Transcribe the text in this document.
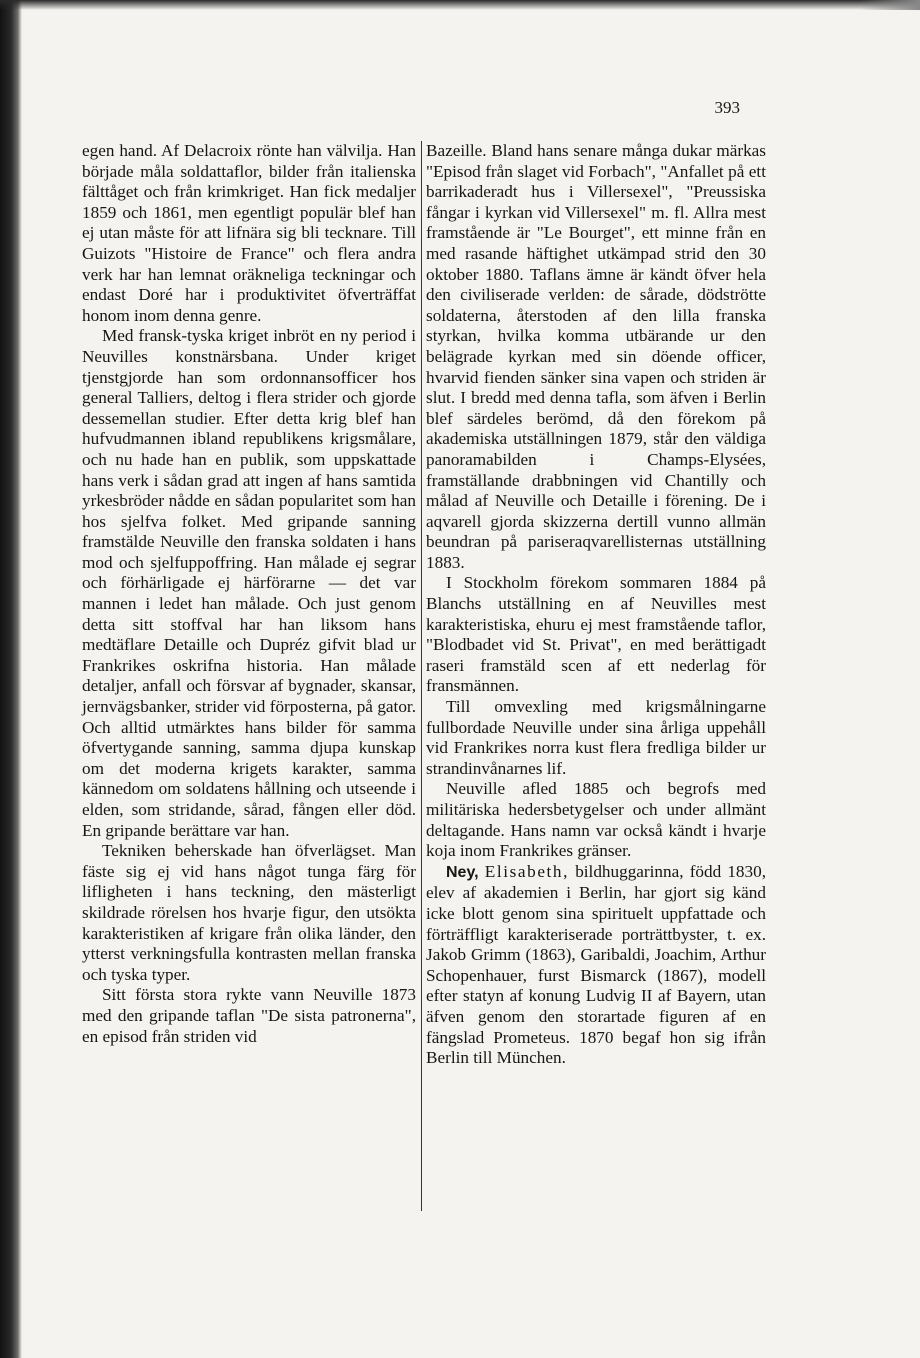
393

egen hand. Af Delacroix rönte han välvilja. Han började måla soldattaflor, bilder från italienska fälttåget och från krimkriget. Han fick medaljer 1859 och 1861, men egentligt populär blef han ej utan måste för att lifnära sig bli tecknare. Till Guizots "Histoire de France" och flera andra verk har han lemnat oräkneliga teckningar och endast Doré har i produktivitet öfverträffat honom inom denna genre.

Med fransk-tyska kriget inbröt en ny period i Neuvilles konstnärsbana. Under kriget tjenstgjorde han som ordonnansofficer hos general Talliers, deltog i flera strider och gjorde dessemellan studier. Efter detta krig blef han hufvudmannen ibland republikens krigsmålare, och nu hade han en publik, som uppskattade hans verk i sådan grad att ingen af hans samtida yrkesbröder nådde en sådan popularitet som han hos sjelfva folket. Med gripande sanning framstälde Neuville den franska soldaten i hans mod och sjelfuppoffring. Han målade ej segrar och förhärligade ej härförarne — det var mannen i ledet han målade. Och just genom detta sitt stoffval har han liksom hans medtäflare Detaille och Dupréz gifvit blad ur Frankrikes oskrifna historia. Han målade detaljer, anfall och försvar af bygnader, skansar, jernvägsbanker, strider vid förposterna, på gator. Och alltid utmärktes hans bilder för samma öfvertygande sanning, samma djupa kunskap om det moderna krigets karakter, samma kännedom om soldatens hållning och utseende i elden, som stridande, sårad, fången eller död. En gripande berättare var han.

Tekniken beherskade han öfverlägset. Man fäste sig ej vid hans något tunga färg för lifligheten i hans teckning, den mästerligt skildrade rörelsen hos hvarje figur, den utsökta karakteristiken af krigare från olika länder, den ytterst verkningsfulla kontrasten mellan franska och tyska typer.

Sitt första stora rykte vann Neuville 1873 med den gripande taflan "De sista patronerna", en episod från striden vid

Bazeille. Bland hans senare många dukar märkas "Episod från slaget vid Forbach", "Anfallet på ett barrikaderadt hus i Villersexel", "Preussiska fångar i kyrkan vid Villersexel" m. fl. Allra mest framstående är "Le Bourget", ett minne från en med rasande häftighet utkämpad strid den 30 oktober 1880. Taflans ämne är kändt öfver hela den civiliserade verlden: de sårade, dödströtte soldaterna, återstoden af den lilla franska styrkan, hvilka komma utbärande ur den belägrade kyrkan med sin döende officer, hvarvid fienden sänker sina vapen och striden är slut. I bredd med denna tafla, som äfven i Berlin blef särdeles berömd, då den förekom på akademiska utställningen 1879, står den väldiga panoramabilden i Champs-Elysées, framställande drabbningen vid Chantilly och målad af Neuville och Detaille i förening. De i aqvarell gjorda skizzerna dertill vunno allmän beundran på pariseraqvarellisternas utställning 1883.

I Stockholm förekom sommaren 1884 på Blanchs utställning en af Neuvilles mest karakteristiska, ehuru ej mest framstående taflor, "Blodbadet vid St. Privat", en med berättigadt raseri framstäld scen af ett nederlag för fransmännen.

Till omvexling med krigsmålningarne fullbordade Neuville under sina årliga uppehåll vid Frankrikes norra kust flera fredliga bilder ur strandinvånarnes lif.

Neuville afled 1885 och begrofs med militäriska hedersbetygelser och under allmänt deltagande. Hans namn var också kändt i hvarje koja inom Frankrikes gränser.

Ney, Elisabeth, bildhuggarinna, född 1830, elev af akademien i Berlin, har gjort sig känd icke blott genom sina spirituelt uppfattade och förträffligt karakteriserade porträttbyster, t. ex. Jakob Grimm (1863), Garibaldi, Joachim, Arthur Schopenhauer, furst Bismarck (1867), modell efter statyn af konung Ludvig II af Bayern, utan äfven genom den storartade figuren af en fängslad Prometeus. 1870 begaf hon sig ifrån Berlin till München.
